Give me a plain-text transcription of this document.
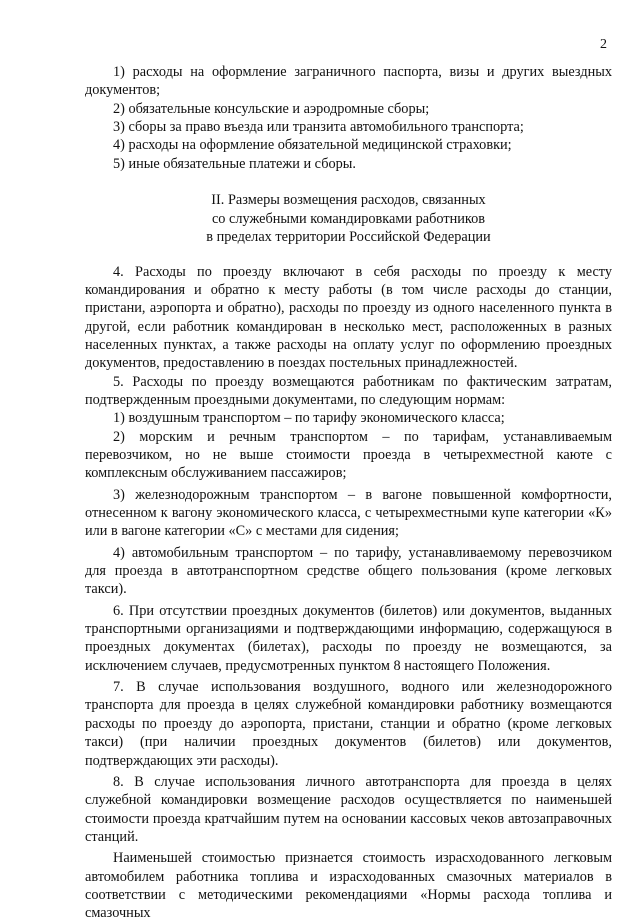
2

1) расходы на оформление заграничного паспорта, визы и других выездных документов;

2) обязательные консульские и аэродромные сборы;

3) сборы за право въезда или транзита автомобильного транспорта;

4) расходы на оформление обязательной медицинской страховки;

5) иные обязательные платежи и сборы.

II. Размеры возмещения расходов, связанных
со служебными командировками работников
в пределах территории Российской Федерации

4. Расходы по проезду включают в себя расходы по проезду к месту командирования и обратно к месту работы (в том числе расходы до станции, пристани, аэропорта и обратно), расходы по проезду из одного населенного пункта в другой, если работник командирован в несколько мест, расположенных в разных населенных пунктах, а также расходы на оплату услуг по оформлению проездных документов, предоставлению в поездах постельных принадлежностей.

5. Расходы по проезду возмещаются работникам по фактическим затратам, подтвержденным проездными документами, по следующим нормам:

1) воздушным транспортом – по тарифу экономического класса;

2) морским и речным транспортом – по тарифам, устанавливаемым перевозчиком, но не выше стоимости проезда в четырехместной каюте с комплексным обслуживанием пассажиров;

3) железнодорожным транспортом – в вагоне повышенной комфортности, отнесенном к вагону экономического класса, с четырехместными купе категории «К» или в вагоне категории «С» с местами для сидения;

4) автомобильным транспортом – по тарифу, устанавливаемому перевозчиком для проезда в автотранспортном средстве общего пользования (кроме легковых такси).

6. При отсутствии проездных документов (билетов) или документов, выданных транспортными организациями и подтверждающими информацию, содержащуюся в проездных документах (билетах), расходы по проезду не возмещаются, за исключением случаев, предусмотренных пунктом 8 настоящего Положения.

7. В случае использования воздушного, водного или железнодорожного транспорта для проезда в целях служебной командировки работнику возмещаются расходы по проезду до аэропорта, пристани, станции и обратно (кроме легковых такси) (при наличии проездных документов (билетов) или документов, подтверждающих эти расходы).

8. В случае использования личного автотранспорта для проезда в целях служебной командировки возмещение расходов осуществляется по наименьшей стоимости проезда кратчайшим путем на основании кассовых чеков автозаправочных станций.

Наименьшей стоимостью признается стоимость израсходованного легковым автомобилем работника топлива и израсходованных смазочных материалов в соответствии с методическими рекомендациями «Нормы расхода топлива и смазочных
